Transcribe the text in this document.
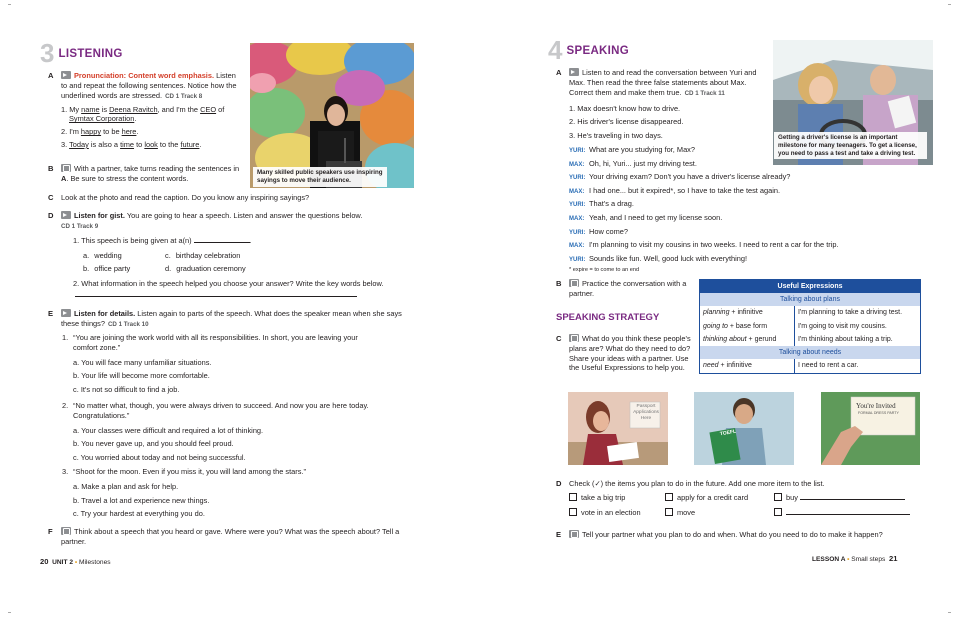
3 LISTENING
Many skilled public speakers use inspiring sayings to move their audience.
A	Pronunciation: Content word emphasis. Listen to and repeat the following sentences. Notice how the underlined words are stressed. CD 1 Track 8
1. My name is Deena Ravitch, and I'm the CEO of
Symtax Corporation.
2. I'm happy to be here.
3. Today is also a time to look to the future.
B	With a partner, take turns reading the sentences in A. Be sure to stress the content words.
C Look at the photo and read the caption. Do you know any inspiring sayings?
D	Listen for gist. You are going to hear a speech. Listen and answer the questions below.
CD 1 Track 9
1. This speech is being given at a(n)	.
a. wedding	c. birthday celebration
b. office party	d. graduation ceremony
2. What information in the speech helped you choose your answer? Write the key words below.
E	Listen for details. Listen again to parts of the speech. What does the speaker mean when she says these things? CD 1 Track 10
1. “You are joining the work world with all its responsibilities. In short, you are leaving your comfort zone.”
a. You will face many unfamiliar situations.
b. Your life will become more comfortable.
c. It's not so difficult to find a job.
2. “No matter what, though, you were always driven to succeed. And now you are here today. Congratulations.”
a. Your classes were difficult and required a lot of thinking.
b. You never gave up, and you should feel proud.
c. You worried about today and not being successful.
3. “Shoot for the moon. Even if you miss it, you will land among the stars.”
a. Make a plan and ask for help.
b. Travel a lot and experience new things.
c. Try your hardest at everything you do.
F	Think about a speech that you heard or gave. Where were you? What was the speech about? Tell a partner.
20 UNIT 2 • Milestones
4 SPEAKING
Getting a driver's license is an important milestone for many teenagers. To get a license, you need to pass a test and take a driving test.
A	Listen to and read the conversation between Yuri and Max. Then read the three false statements about Max. Correct them and make them true. CD 1 Track 11
1. Max doesn't know how to drive.
2. His driver's license disappeared.
3. He's traveling in two days.
YURI: What are you studying for, Max?
MAX: Oh, hi, Yuri... just my driving test.
YURI: Your driving exam? Don't you have a driver's license already?
MAX: I had one... but it expired*, so I have to take the test again.
YURI: That's a drag.
MAX: Yeah, and I need to get my license soon.
YURI: How come?
MAX: I'm planning to visit my cousins in two weeks. I need to rent a car for the trip.
YURI: Sounds like fun. Well, good luck with everything!
* expire = to come to an end
B	Practice the conversation with a partner.
SPEAKING STRATEGY
C	What do you think these people's plans are? What do they need to do? Share your ideas with a partner. Use the Useful Expressions to help you.
Useful Expressions	
Talking about plans	
planning + infinitive	I'm planning to take a driving test.
going to + base form	I'm going to visit my cousins.
thinking about + gerund	I'm thinking about taking a trip.
Talking about needs	
need + infinitive	I need to rent a car.
Passport Applications Here
TOEFL
You're Invited
FORMAL DRESS PARTY
D Check (✓) the items you plan to do in the future. Add one more item to the list.
take a big trip	apply for a credit card	buy
vote in an election	move
E	Tell your partner what you plan to do and when. What do you need to do to make it happen?
LESSON A • Small steps 21
